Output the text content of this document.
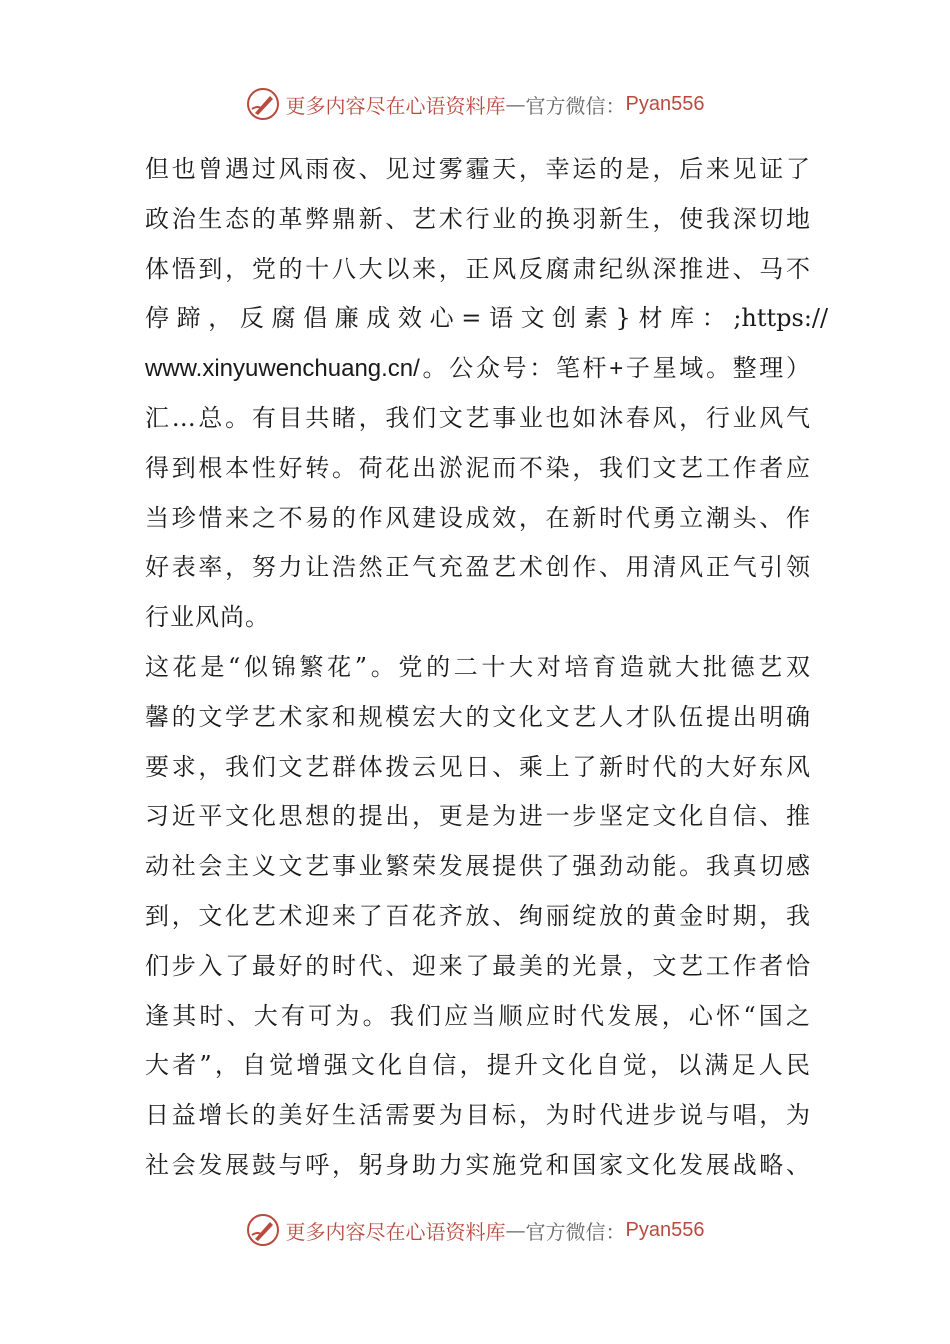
更多内容尽在心语资料库 — 官方微信： Pyan556
但也曾遇过风雨夜、见过雾霾天，幸运的是，后来见证了
政治生态的革弊鼎新、艺术行业的换羽新生，使我深切地
体悟到，党的十八大以来，正风反腐肃纪纵深推进、马不
停 蹄 ， 反 腐 倡 廉 成 效 心 = 语 文 创 素 } 材 库 ： ;https://
www.xinyuwenchuang.cn/。公众号：笔杆+子星域。整理）
汇…总。有目共睹，我们文艺事业也如沐春风，行业风气
得到根本性好转。荷花出淤泥而不染，我们文艺工作者应
当珍惜来之不易的作风建设成效，在新时代勇立潮头、作
好表率，努力让浩然正气充盈艺术创作、用清风正气引领
行业风尚。
这花是“似锦繁花”。党的二十大对培育造就大批德艺双
馨的文学艺术家和规模宏大的文化文艺人才队伍提出明确
要求，我们文艺群体拨云见日、乘上了新时代的大好东风
习近平文化思想的提出，更是为进一步坚定文化自信、推
动社会主义文艺事业繁荣发展提供了强劲动能。我真切感
到，文化艺术迎来了百花齐放、绚丽绽放的黄金时期，我
们步入了最好的时代、迎来了最美的光景，文艺工作者恰
逢其时、大有可为。我们应当顺应时代发展，心怀“国之
大者”，自觉增强文化自信，提升文化自觉，以满足人民
日益增长的美好生活需要为目标，为时代进步说与唱，为
社会发展鼓与呼，躬身助力实施党和国家文化发展战略、
更多内容尽在心语资料库 — 官方微信： Pyan556
